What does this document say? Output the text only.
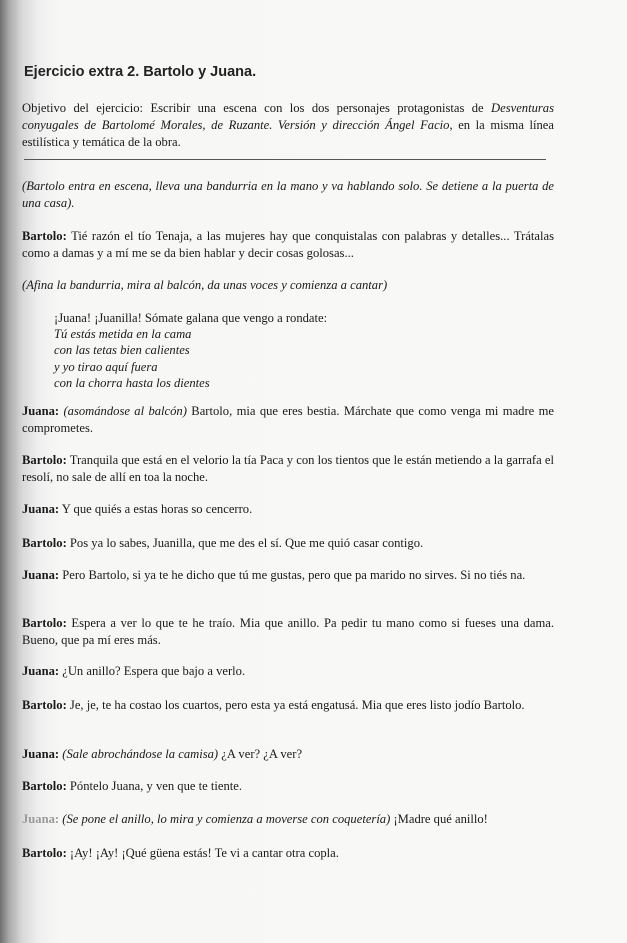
Ejercicio extra 2. Bartolo y Juana.

Objetivo del ejercicio: Escribir una escena con los dos personajes protagonistas de Desventuras conyugales de Bartolomé Morales, de Ruzante. Versión y dirección Ángel Facio, en la misma línea estilística y temática de la obra.

(Bartolo entra en escena, lleva una bandurria en la mano y va hablando solo. Se detiene a la puerta de una casa).

Bartolo: Tié razón el tío Tenaja, a las mujeres hay que conquistalas con palabras y detalles... Trátalas como a damas y a mí me se da bien hablar y decir cosas golosas...

(Afina la bandurria, mira al balcón, da unas voces y comienza a cantar)
¡Juana! ¡Juanilla! Sómate galana que vengo a rondate:
Tú estás metida en la cama
con las tetas bien calientes
y yo tirao aquí fuera
con la chorra hasta los dientes

Juana: (asomándose al balcón) Bartolo, mia que eres bestia. Márchate que como venga mi madre me comprometes.

Bartolo: Tranquila que está en el velorio la tía Paca y con los tientos que le están metiendo a la garrafa el resolí, no sale de allí en toa la noche.

Juana: Y que quiés a estas horas so cencerro.

Bartolo: Pos ya lo sabes, Juanilla, que me des el sí. Que me quió casar contigo.

Juana: Pero Bartolo, si ya te he dicho que tú me gustas, pero que pa marido no sirves. Si no tiés na.

Bartolo: Espera a ver lo que te he traío. Mia que anillo. Pa pedir tu mano como si fueses una dama. Bueno, que pa mí eres más.

Juana: ¿Un anillo? Espera que bajo a verlo.

Bartolo: Je, je, te ha costao los cuartos, pero esta ya está engatusá. Mia que eres listo jodío Bartolo.

Juana: (Sale abrochándose la camisa) ¿A ver? ¿A ver?

Bartolo: Póntelo Juana, y ven que te tiente.

Juana: (Se pone el anillo, lo mira y comienza a moverse con coquetería) ¡Madre qué anillo!

Bartolo: ¡Ay! ¡Ay! ¡Qué güena estás! Te vi a cantar otra copla.
